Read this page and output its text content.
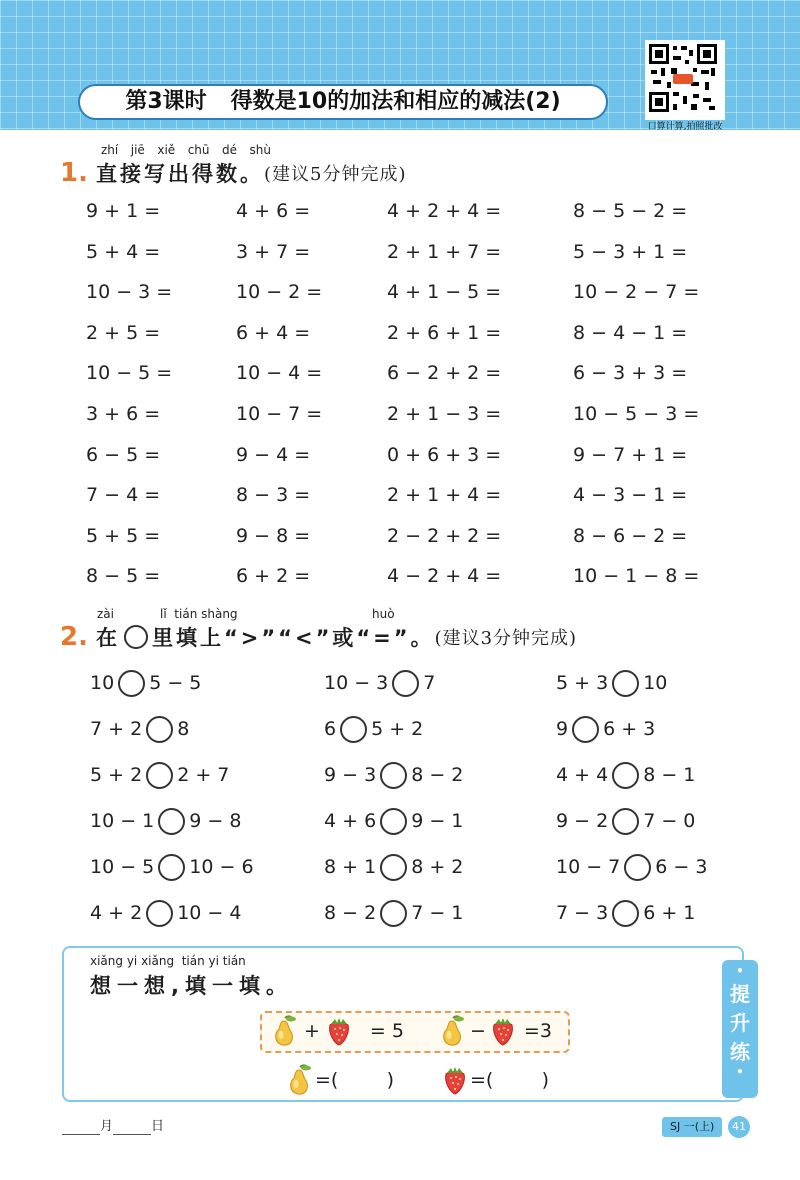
第3课时 得数是10的加法和相应的减法(2)
口算计算,拍照批改
zhí jiē xiě chū dé shù
1. 直接写出得数。 (建议5分钟完成)
9 + 1 =	4 + 6 =	4 + 2 + 4 =	8 − 5 − 2 =
5 + 4 =	3 + 7 =	2 + 1 + 7 =	5 − 3 + 1 =
10 − 3 =	10 − 2 =	4 + 1 − 5 =	10 − 2 − 7 =
2 + 5 =	6 + 4 =	2 + 6 + 1 =	8 − 4 − 1 =
10 − 5 =	10 − 4 =	6 − 2 + 2 =	6 − 3 + 3 =
3 + 6 =	10 − 7 =	2 + 1 − 3 =	10 − 5 − 3 =
6 − 5 =	9 − 4 =	0 + 6 + 3 =	9 − 7 + 1 =
7 − 4 =	8 − 3 =	2 + 1 + 4 =	4 − 3 − 1 =
5 + 5 =	9 − 8 =	2 − 2 + 2 =	8 − 6 − 2 =
8 − 5 =	6 + 2 =	4 − 2 + 4 =	10 − 1 − 8 =
zài	lǐ  tián shàng	huò
2. 在 里填上“>”“<”或“=”。 (建议3分钟完成)
10 5 − 5	10 − 3 7	5 + 3 10
7 + 2 8	6 5 + 2	9 6 + 3
5 + 2 2 + 7	9 − 3 8 − 2	4 + 4 8 − 1
10 − 1 9 − 8	4 + 6 9 − 1	9 − 2 7 − 0
10 − 5 10 − 6	8 + 1 8 + 2	10 − 7 6 − 3
4 + 2 10 − 4	8 − 2 7 − 1	7 − 3 6 + 1
xiǎng yi xiǎng  tián yi tián
想一想,填一填。
•
提
升
练
•
+	= 5	− =3
=(        )	=(        )
月	日	SJ 一(上)	41
